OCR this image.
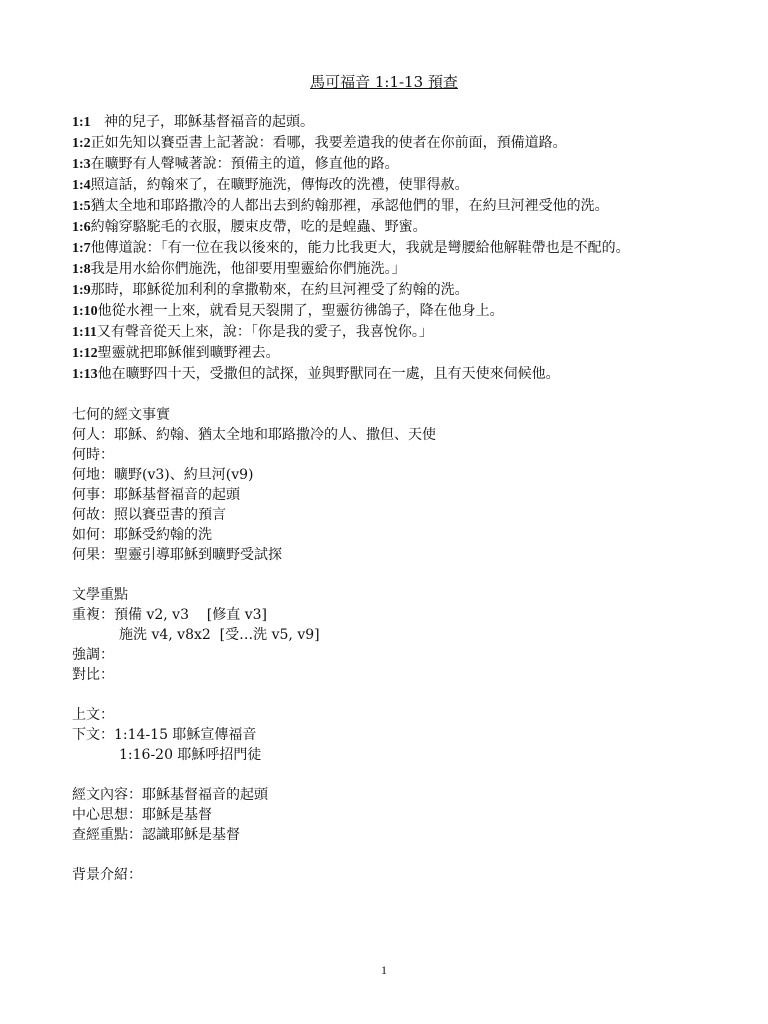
馬可福音 1:1-13 預查
1:1 神的兒子，耶穌基督福音的起頭。
1:2正如先知以賽亞書上記著說：看哪，我要差遣我的使者在你前面，預備道路。
1:3在曠野有人聲喊著說：預備主的道，修直他的路。
1:4照這話，約翰來了，在曠野施洗，傳悔改的洗禮，使罪得赦。
1:5猶太全地和耶路撒冷的人都出去到約翰那裡，承認他們的罪，在約旦河裡受他的洗。
1:6約翰穿駱駝毛的衣服，腰束皮帶，吃的是蝗蟲、野蜜。
1:7他傳道說：「有一位在我以後來的，能力比我更大，我就是彎腰給他解鞋帶也是不配的。
1:8我是用水給你們施洗，他卻要用聖靈給你們施洗。」
1:9那時，耶穌從加利利的拿撒勒來，在約旦河裡受了約翰的洗。
1:10他從水裡一上來，就看見天裂開了，聖靈彷彿鴿子，降在他身上。
1:11又有聲音從天上來，說：「你是我的愛子，我喜悅你。」
1:12聖靈就把耶穌催到曠野裡去。
1:13他在曠野四十天，受撒但的試探，並與野獸同在一處，且有天使來伺候他。
七何的經文事實
何人：耶穌、約翰、猶太全地和耶路撒冷的人、撒但、天使
何時：
何地：曠野(v3)、約旦河(v9)
何事：耶穌基督福音的起頭
何故：照以賽亞書的預言
如何：耶穌受約翰的洗
何果：聖靈引導耶穌到曠野受試探
文學重點
重複：預備 v2, v3    [修直 v3]
施洗 v4, v8x2  [受…洗 v5, v9]
強調：
對比：
上文：
下文：1:14-15 耶穌宣傳福音
1:16-20 耶穌呼招門徒
經文內容：耶穌基督福音的起頭
中心思想：耶穌是基督
查經重點：認識耶穌是基督
背景介紹：
1
